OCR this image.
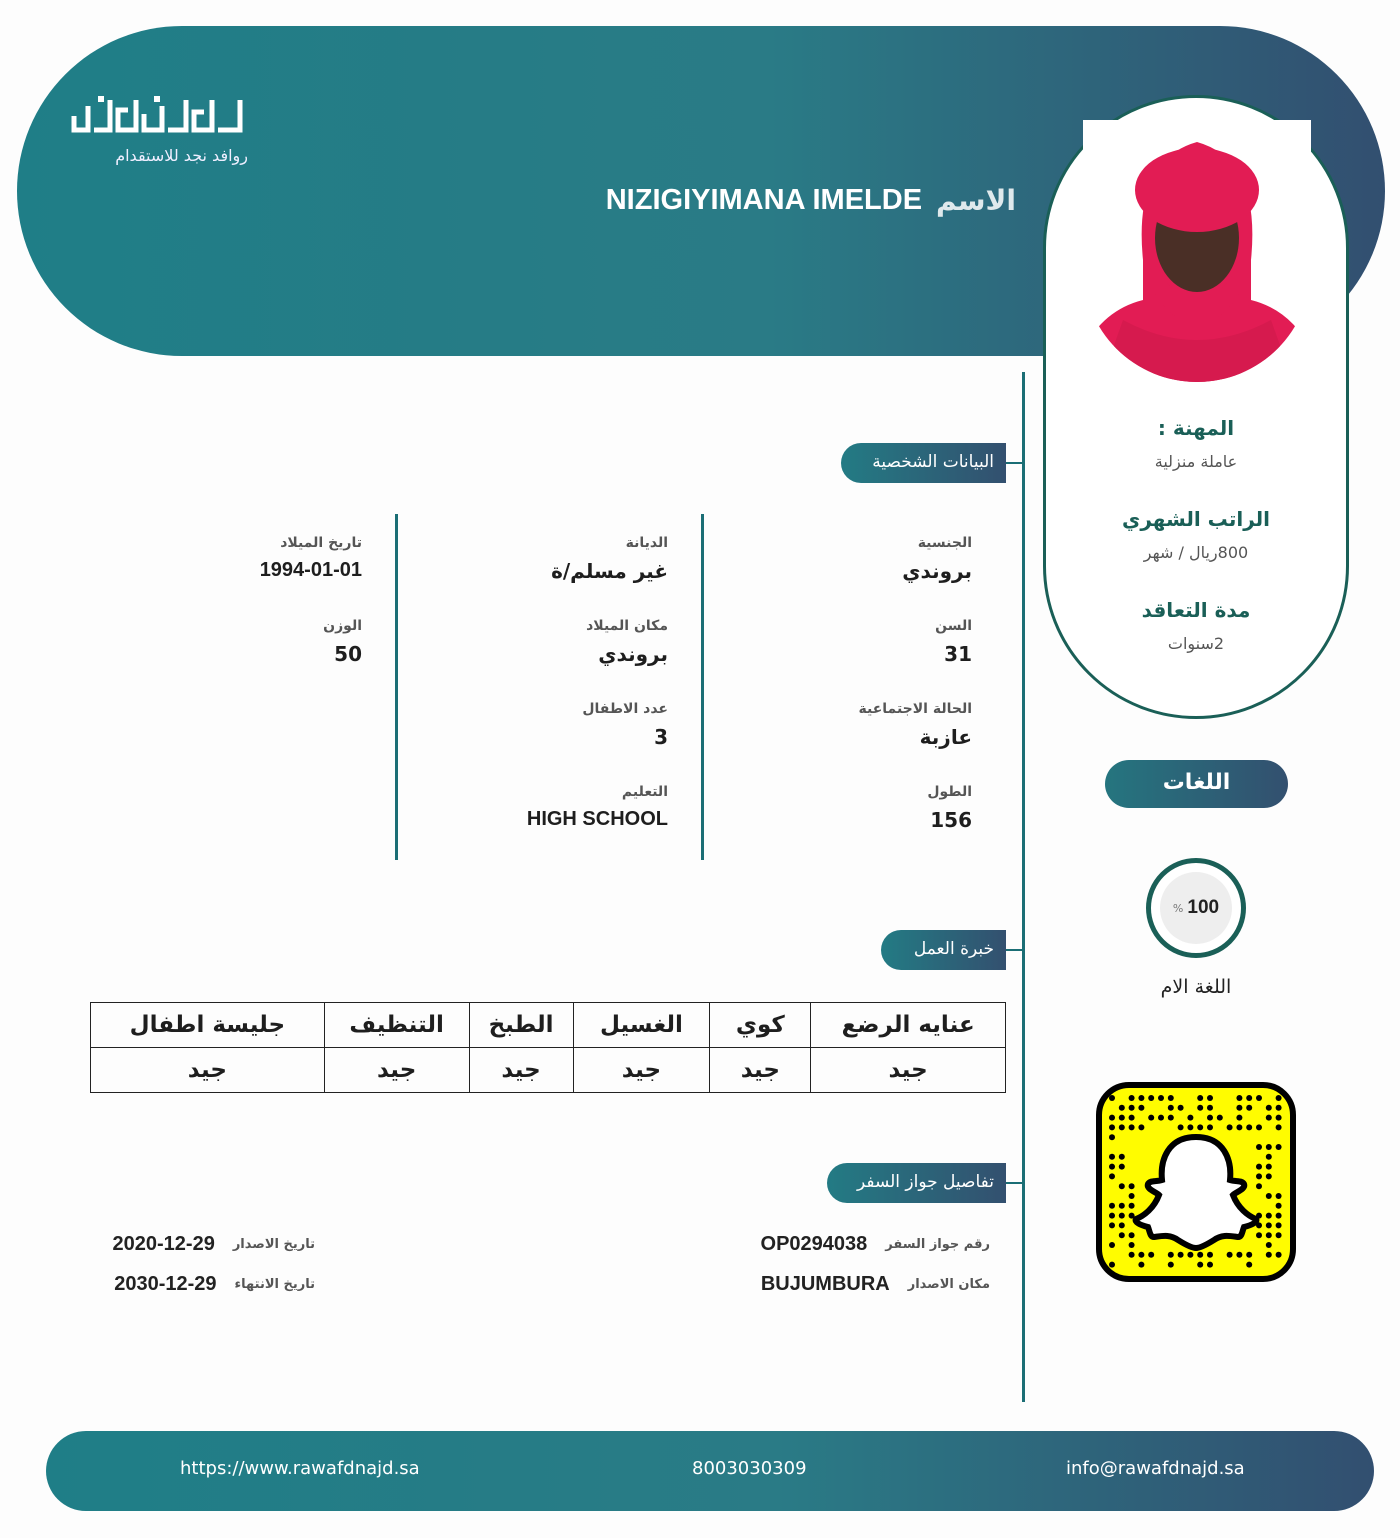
روافد نجد للاستقدام
الاسم
NIZIGIYIMANA IMELDE
المهنة :
عاملة منزلية
الراتب الشهري
800ريال / شهر
مدة التعاقد
2سنوات
اللغات
% 100
اللغة الام
البيانات الشخصية
الجنسية
بروندي
السن
31
الحالة الاجتماعية
عازبة
الطول
156
الديانة
غير مسلم/ة
مكان الميلاد
بروندي
عدد الاطفال
3
التعليم
HIGH SCHOOL
تاريخ الميلاد
1994-01-01
الوزن
50
خبرة العمل
عنايه الرضع	كوي	الغسيل	الطبخ	التنظيف	جليسة اطفال
جيد	جيد	جيد	جيد	جيد	جيد
تفاصيل جواز السفر
رقم جواز السفر
OP0294038
مكان الاصدار
BUJUMBURA
تاريخ الاصدار
2020-12-29
تاريخ الانتهاء
2030-12-29
https://www.rawafdnajd.sa	8003030309	info@rawafdnajd.sa
